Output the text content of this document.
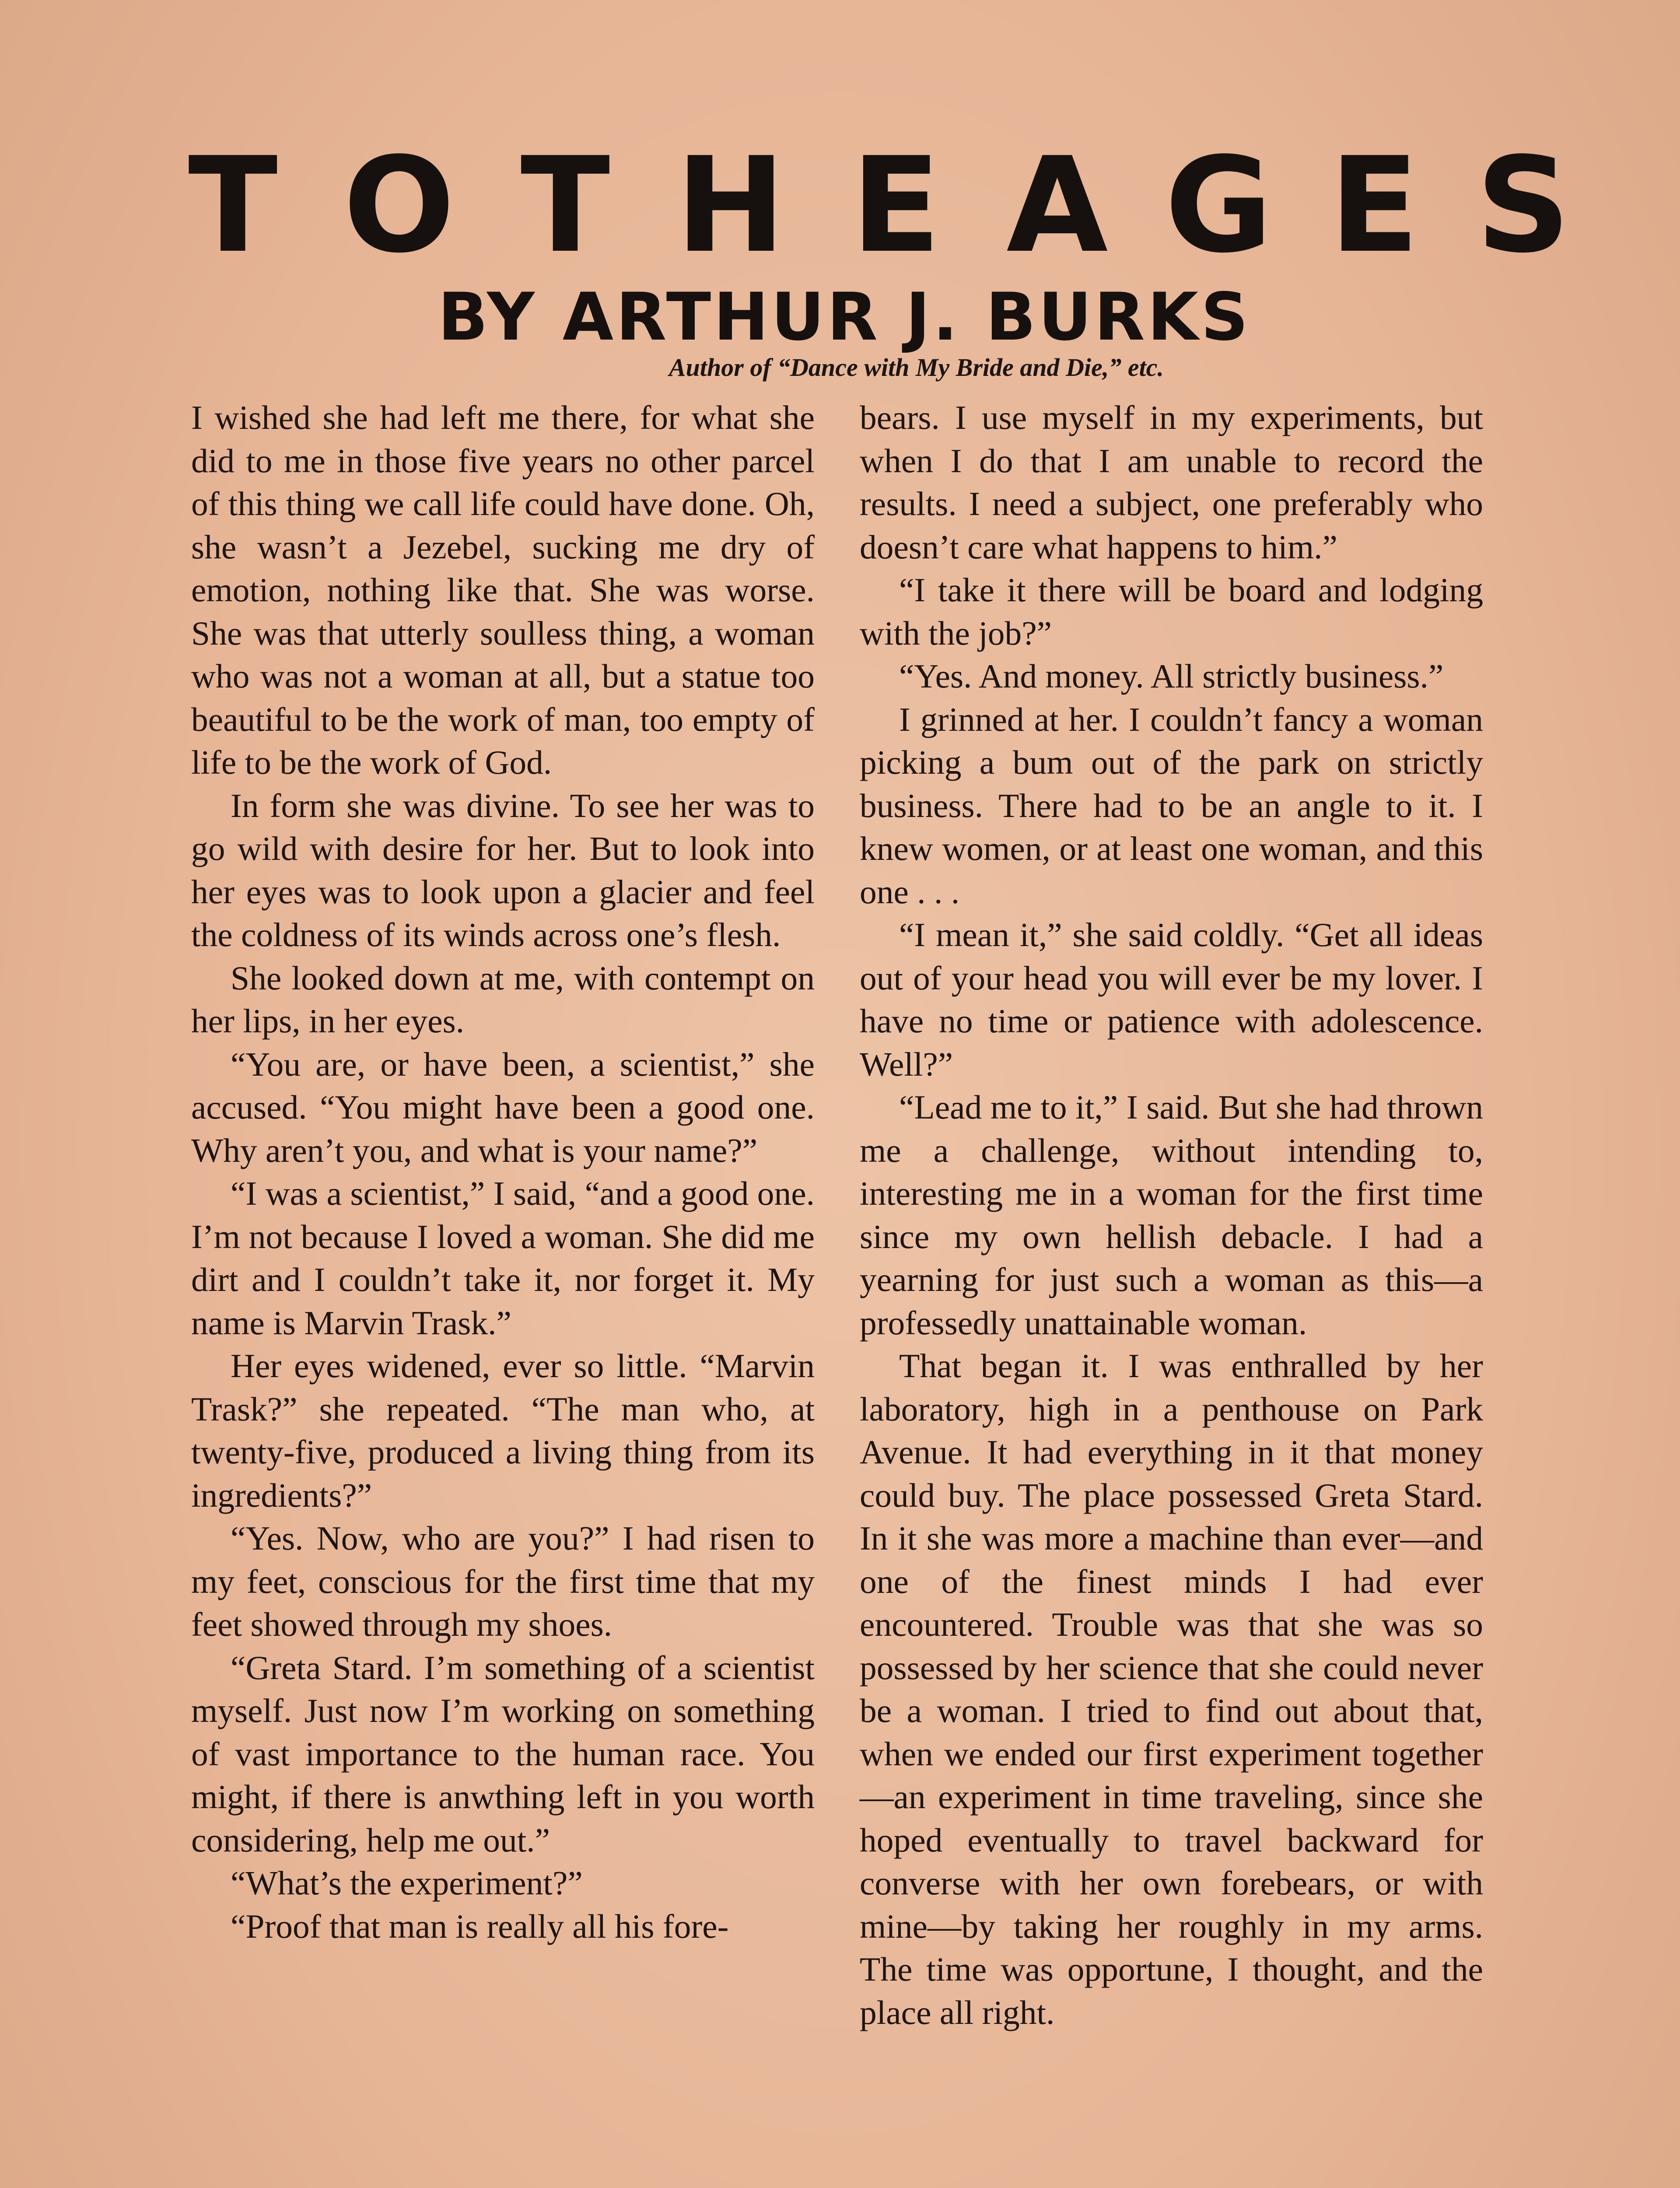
TO THE AGES
BY ARTHUR J. BURKS
Author of “Dance with My Bride and Die,” etc.

I wished she had left me there, for what she did to me in those five years no other parcel of this thing we call life could have done. Oh, she wasn’t a Jezebel, sucking me dry of emotion, nothing like that. She was worse. She was that utterly soulless thing, a woman who was not a woman at all, but a statue too beautiful to be the work of man, too empty of life to be the work of God.

In form she was divine. To see her was to go wild with desire for her. But to look into her eyes was to look upon a glacier and feel the coldness of its winds across one’s flesh.

She looked down at me, with contempt on her lips, in her eyes.

“You are, or have been, a scientist,” she accused. “You might have been a good one. Why aren’t you, and what is your name?”

“I was a scientist,” I said, “and a good one. I’m not because I loved a woman. She did me dirt and I couldn’t take it, nor forget it. My name is Marvin Trask.”

Her eyes widened, ever so little. “Marvin Trask?” she repeated. “The man who, at twenty-five, produced a living thing from its ingredients?”

“Yes. Now, who are you?” I had risen to my feet, conscious for the first time that my feet showed through my shoes.

“Greta Stard. I’m something of a scientist myself. Just now I’m working on something of vast importance to the human race. You might, if there is anwthing left in you worth considering, help me out.”

“What’s the experiment?”

“Proof that man is really all his fore-

bears. I use myself in my experiments, but when I do that I am unable to record the results. I need a subject, one preferably who doesn’t care what happens to him.”

“I take it there will be board and lodging with the job?”

“Yes. And money. All strictly business.”

I grinned at her. I couldn’t fancy a woman picking a bum out of the park on strictly business. There had to be an angle to it. I knew women, or at least one woman, and this one . . .

“I mean it,” she said coldly. “Get all ideas out of your head you will ever be my lover. I have no time or patience with adolescence. Well?”

“Lead me to it,” I said. But she had thrown me a challenge, without intending to, interesting me in a woman for the first time since my own hellish debacle. I had a yearning for just such a woman as this—a professedly unattainable woman.

That began it. I was enthralled by her laboratory, high in a penthouse on Park Avenue. It had everything in it that money could buy. The place possessed Greta Stard. In it she was more a machine than ever—and one of the finest minds I had ever encountered. Trouble was that she was so possessed by her science that she could never be a woman. I tried to find out about that, when we ended our first experiment together—an experiment in time traveling, since she hoped eventually to travel backward for converse with her own forebears, or with mine—by taking her roughly in my arms. The time was opportune, I thought, and the place all right.
